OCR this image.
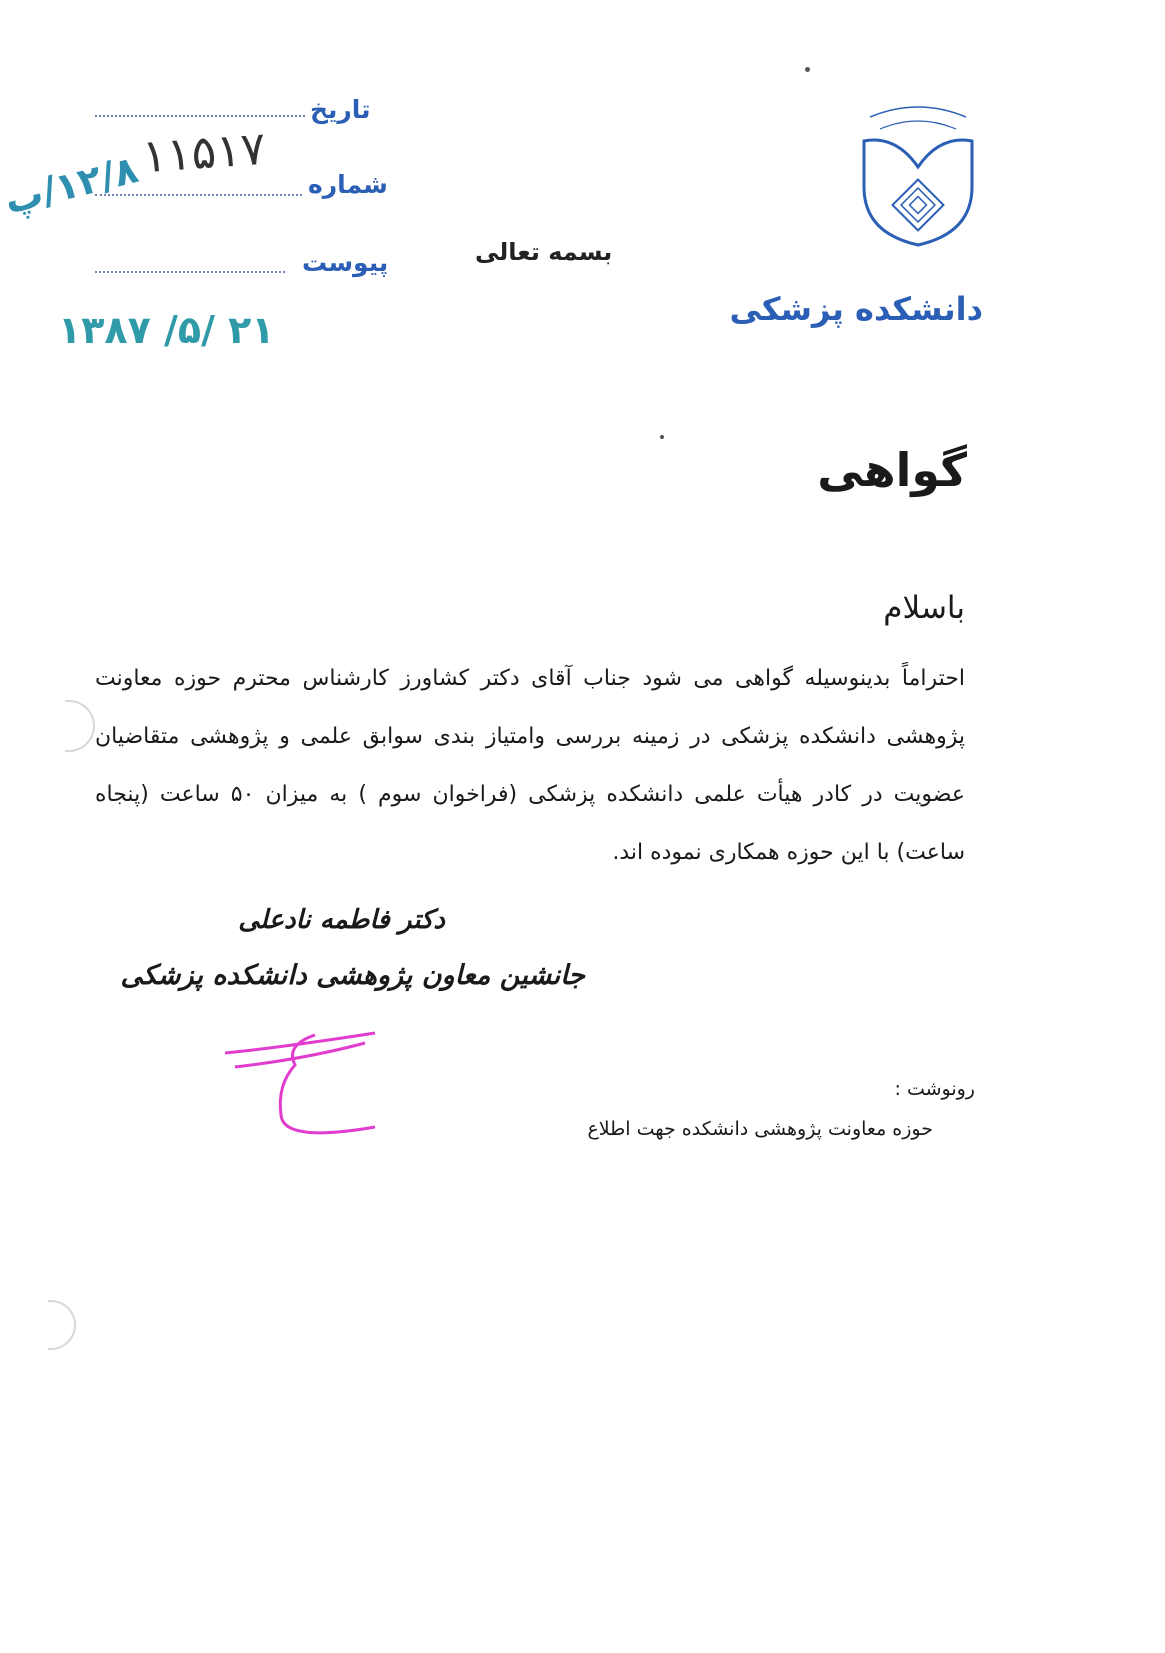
دانشکده پزشکی
تاریخ
شماره
پیوست
۱۱۵۱۷
۱۲/۸/پ
۱۳۸۷ /۵/ ۲۱
بسمه تعالی
گواهی
باسلام
احتراماً بدینوسیله گواهی می شود جناب آقای دکتر کشاورز کارشناس محترم حوزه معاونت پژوهشی دانشکده پزشکی در زمینه بررسی وامتیاز بندی سوابق علمی و پژوهشی متقاضیان عضویت در کادر هیأت علمی دانشکده پزشکی (فراخوان سوم ) به میزان ۵۰ ساعت (پنجاه ساعت) با این حوزه همکاری نموده اند.
دکتر فاطمه نادعلی
جانشین معاون پژوهشی دانشکده پزشکی
رونوشت :
حوزه معاونت پژوهشی دانشکده جهت اطلاع
